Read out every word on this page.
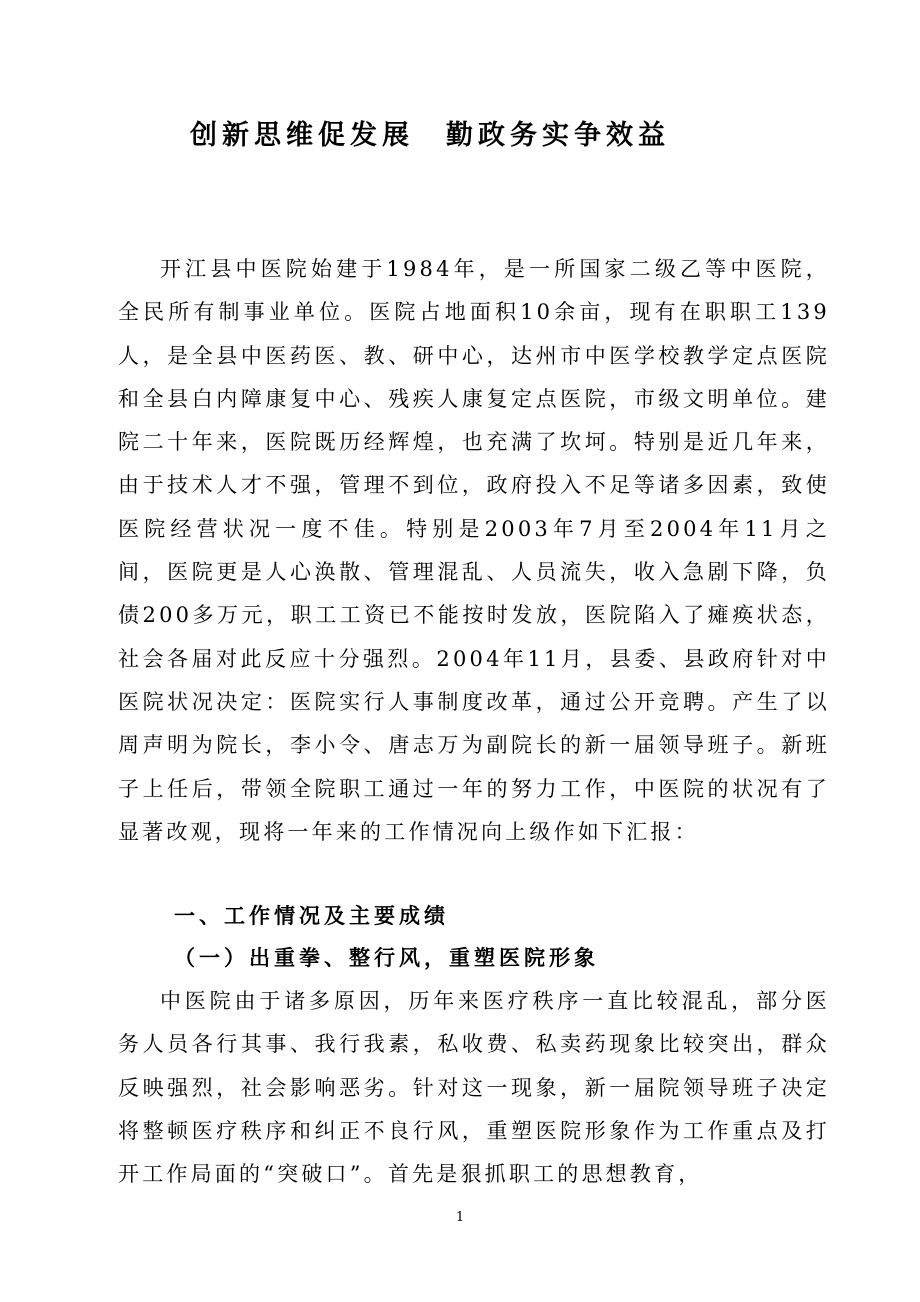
创新思维促发展　勤政务实争效益

开江县中医院始建于1984年，是一所国家二级乙等中医院，全民所有制事业单位。医院占地面积10余亩，现有在职职工139人，是全县中医药医、教、研中心，达州市中医学校教学定点医院和全县白内障康复中心、残疾人康复定点医院，市级文明单位。建院二十年来，医院既历经辉煌，也充满了坎坷。特别是近几年来，由于技术人才不强，管理不到位，政府投入不足等诸多因素，致使医院经营状况一度不佳。特别是2003年7月至2004年11月之间，医院更是人心涣散、管理混乱、人员流失，收入急剧下降，负债200多万元，职工工资已不能按时发放，医院陷入了瘫痪状态，社会各届对此反应十分强烈。2004年11月，县委、县政府针对中医院状况决定：医院实行人事制度改革，通过公开竞聘。产生了以周声明为院长，李小令、唐志万为副院长的新一届领导班子。新班子上任后，带领全院职工通过一年的努力工作，中医院的状况有了显著改观，现将一年来的工作情况向上级作如下汇报：

一、工作情况及主要成绩
（一）出重拳、整行风，重塑医院形象

中医院由于诸多原因，历年来医疗秩序一直比较混乱，部分医务人员各行其事、我行我素，私收费、私卖药现象比较突出，群众反映强烈，社会影响恶劣。针对这一现象，新一届院领导班子决定将整顿医疗秩序和纠正不良行风，重塑医院形象作为工作重点及打开工作局面的“突破口”。首先是狠抓职工的思想教育，

1
